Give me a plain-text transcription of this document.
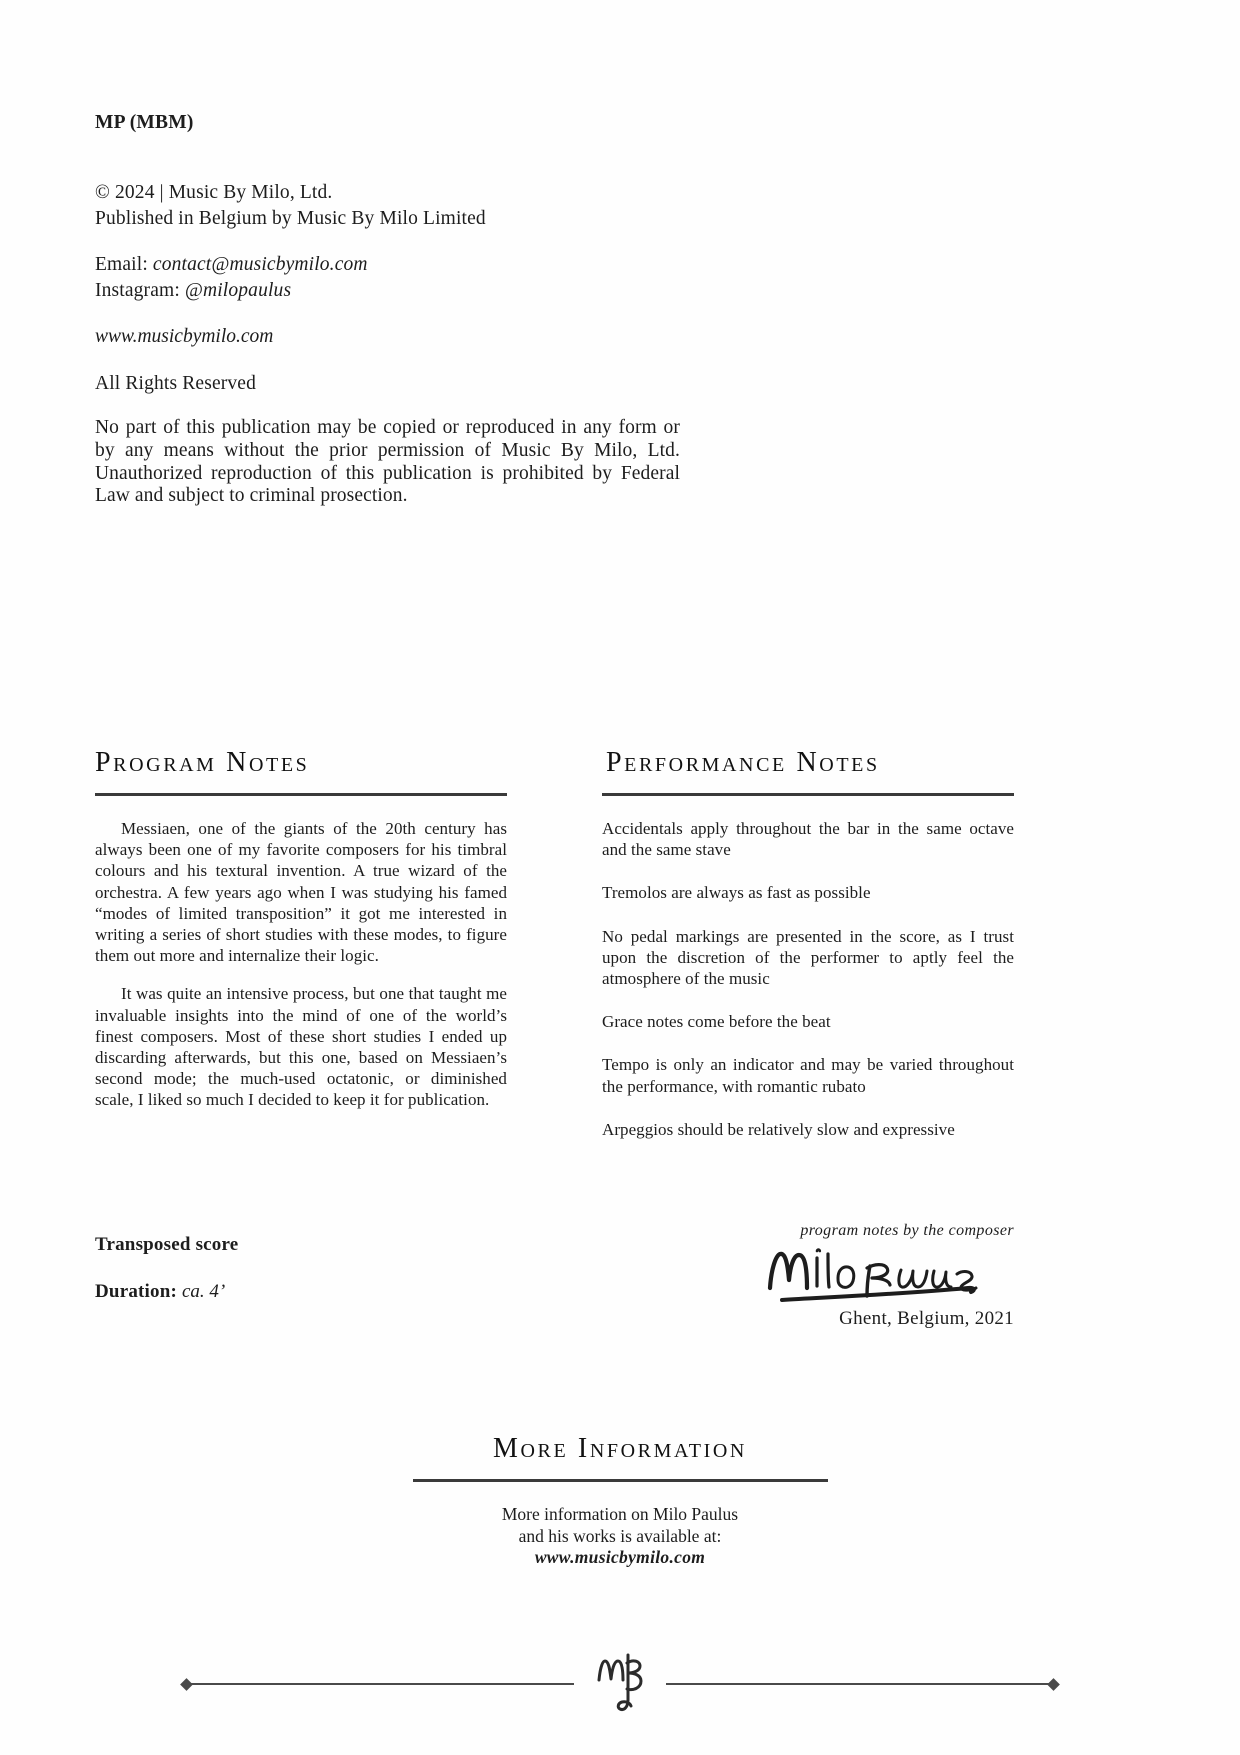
MP (MBM)
© 2024 | Music By Milo, Ltd.
Published in Belgium by Music By Milo Limited
Email: contact@musicbymilo.com
Instagram: @milopaulus
www.musicbymilo.com
All Rights Reserved
No part of this publication may be copied or reproduced in any form or by any means without the prior permission of Music By Milo, Ltd. Unauthorized reproduction of this publication is prohibited by Federal Law and subject to criminal prosection.
Program Notes

Messiaen, one of the giants of the 20th century has always been one of my favorite composers for his timbral colours and his textural invention. A true wizard of the orchestra. A few years ago when I was studying his famed “modes of limited transposition” it got me interested in writing a series of short studies with these modes, to figure them out more and internalize their logic.

It was quite an intensive process, but one that taught me invaluable insights into the mind of one of the world’s finest composers. Most of these short studies I ended up discarding afterwards, but this one, based on Messiaen’s second mode; the much-used octatonic, or diminished scale, I liked so much I decided to keep it for publication.

Performance Notes

Accidentals apply throughout the bar in the same octave and the same stave

Tremolos are always as fast as possible

No pedal markings are presented in the score, as I trust upon the discretion of the performer to aptly feel the atmosphere of the music

Grace notes come before the beat

Tempo is only an indicator and may be varied throughout the performance, with romantic rubato

Arpeggios should be relatively slow and expressive

Transposed score
Duration: ca. 4’
program notes by the composer
Ghent, Belgium, 2021
More Information
More information on Milo Paulus
and his works is available at:
www.musicbymilo.com
